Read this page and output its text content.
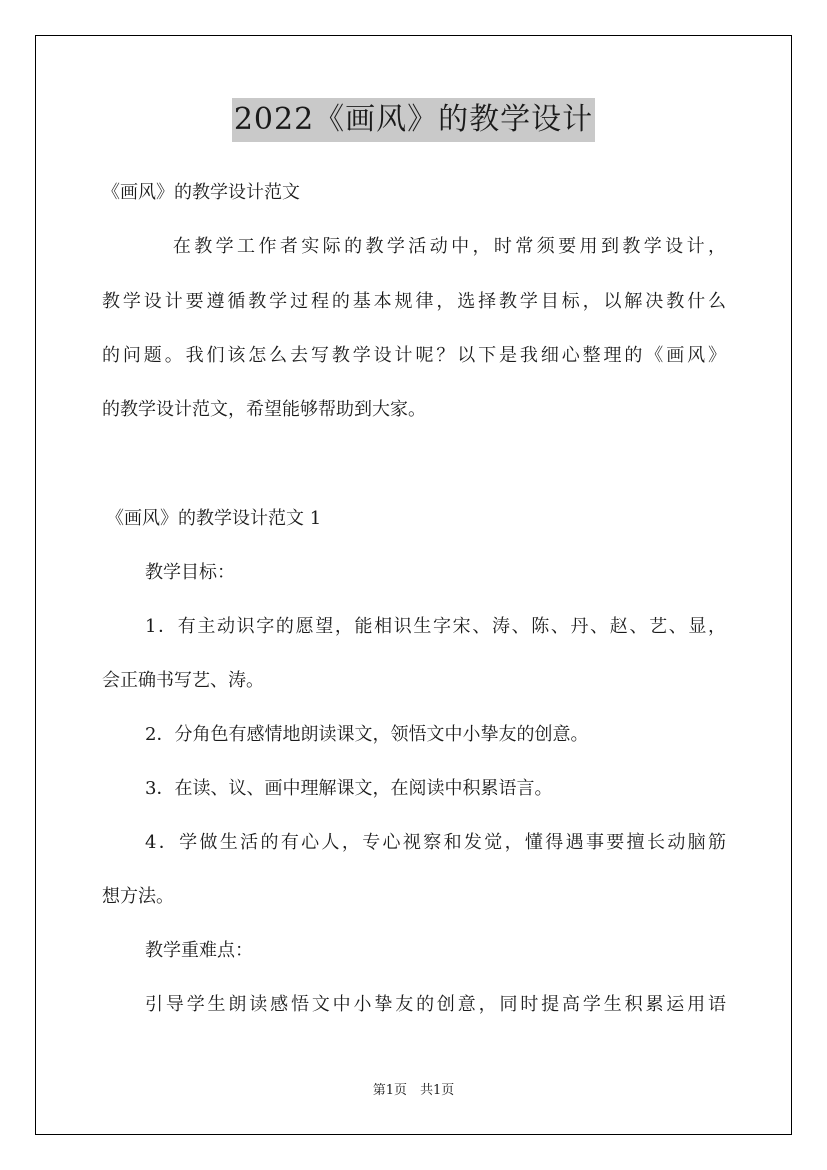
2022《画风》的教学设计
《画风》的教学设计范文
　　在教学工作者实际的教学活动中，时常须要用到教学设计，
教学设计要遵循教学过程的基本规律，选择教学目标，以解决教什么
的问题。我们该怎么去写教学设计呢？以下是我细心整理的《画风》
的教学设计范文，希望能够帮助到大家。
《画风》的教学设计范文 1
教学目标：
1．有主动识字的愿望，能相识生字宋、涛、陈、丹、赵、艺、显，
会正确书写艺、涛。
2．分角色有感情地朗读课文，领悟文中小挚友的创意。
3．在读、议、画中理解课文，在阅读中积累语言。
4．学做生活的有心人，专心视察和发觉，懂得遇事要擅长动脑筋
想方法。
教学重难点：
引导学生朗读感悟文中小挚友的创意，同时提高学生积累运用语
第1页　共1页
